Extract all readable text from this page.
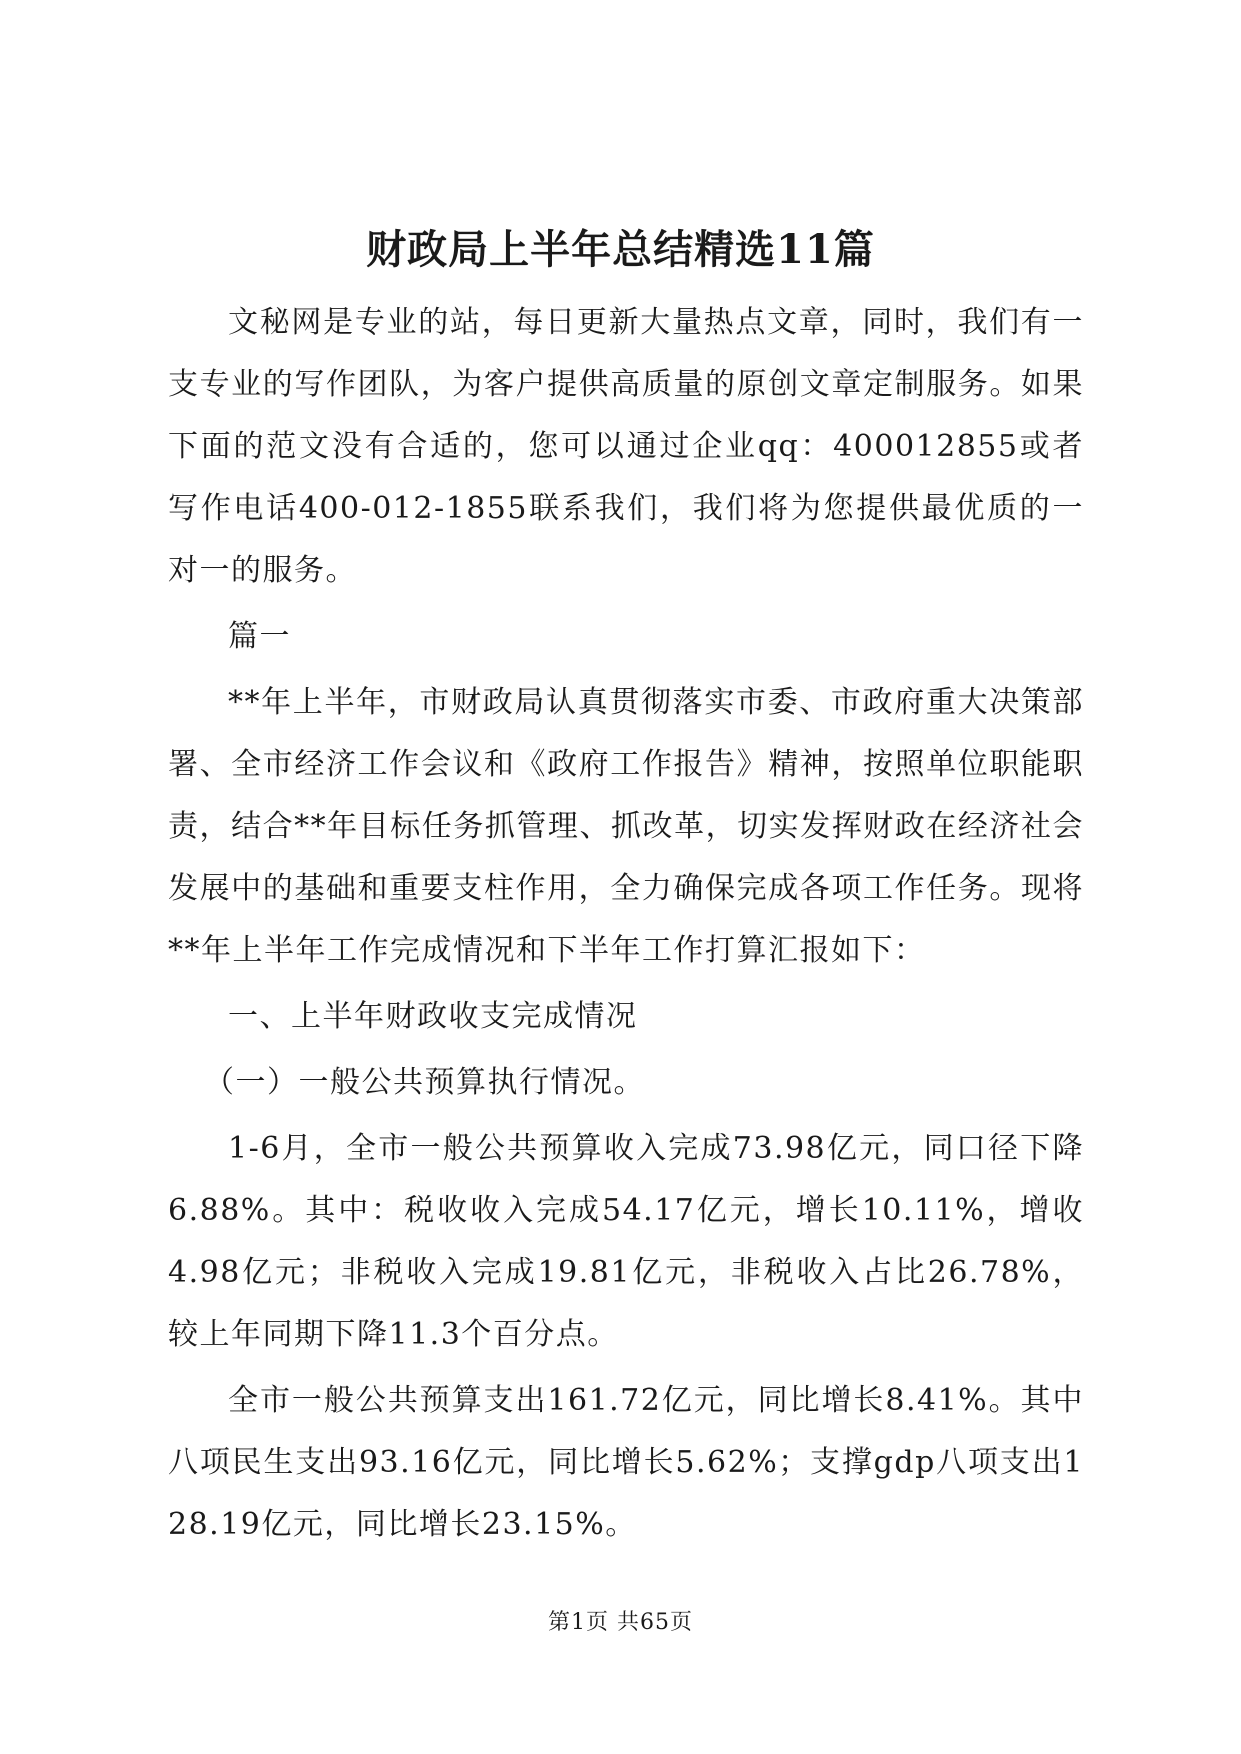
财政局上半年总结精选11篇

文秘网是专业的站，每日更新大量热点文章，同时，我们有一支专业的写作团队，为客户提供高质量的原创文章定制服务。如果下面的范文没有合适的，您可以通过企业qq：400012855或者写作电话400-012-1855联系我们，我们将为您提供最优质的一对一的服务。

篇一

**年上半年，市财政局认真贯彻落实市委、市政府重大决策部署、全市经济工作会议和《政府工作报告》精神，按照单位职能职责，结合**年目标任务抓管理、抓改革，切实发挥财政在经济社会发展中的基础和重要支柱作用，全力确保完成各项工作任务。现将**年上半年工作完成情况和下半年工作打算汇报如下：

一、上半年财政收支完成情况

（一）一般公共预算执行情况。

1-6月，全市一般公共预算收入完成73.98亿元，同口径下降6.88%。其中：税收收入完成54.17亿元，增长10.11%，增收4.98亿元；非税收入完成19.81亿元，非税收入占比26.78%，较上年同期下降11.3个百分点。

全市一般公共预算支出161.72亿元，同比增长8.41%。其中八项民生支出93.16亿元，同比增长5.62%；支撑gdp八项支出128.19亿元，同比增长23.15%。

第1页 共65页
